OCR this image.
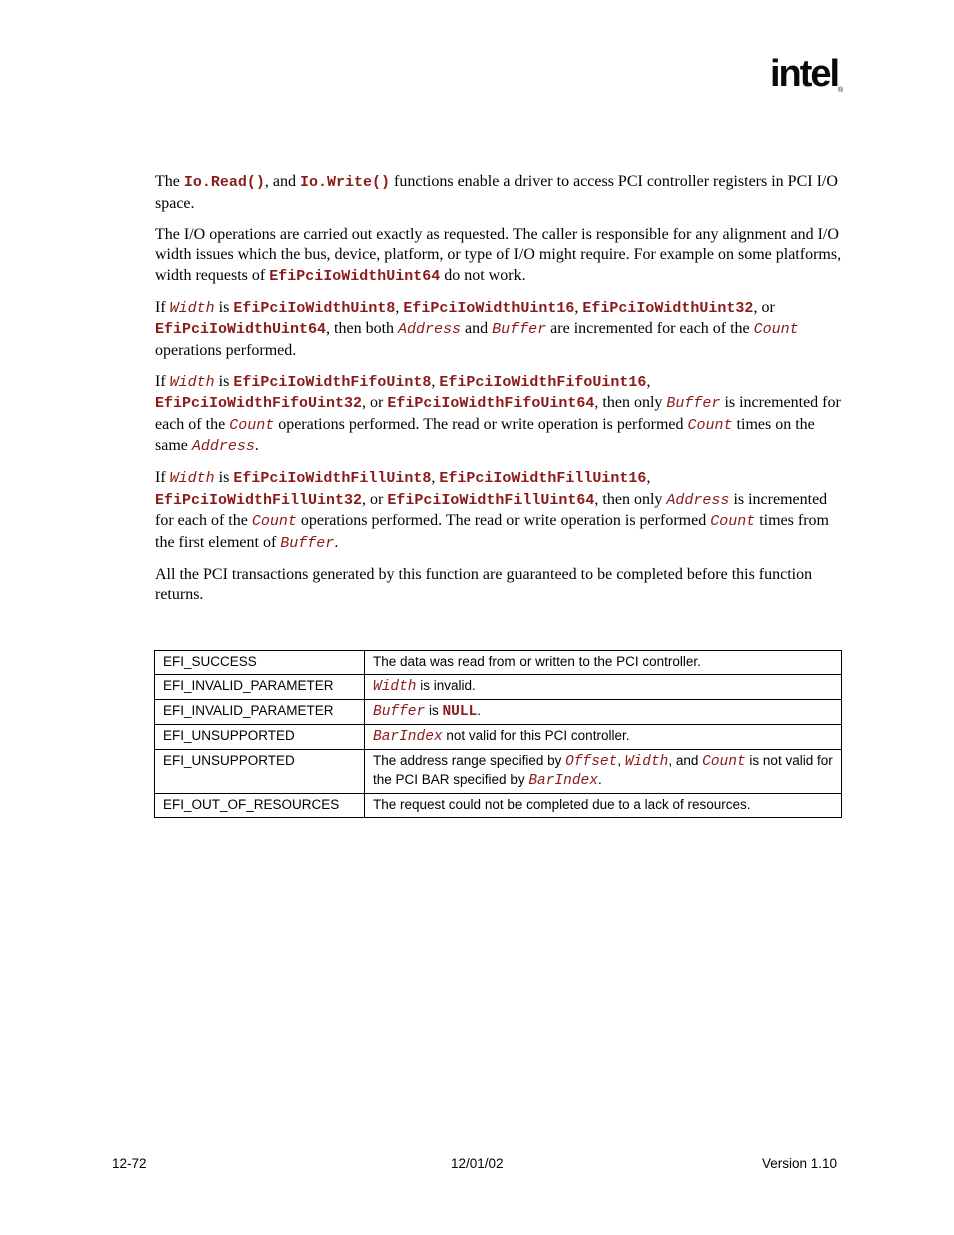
intel ®

The Io.Read(), and Io.Write() functions enable a driver to access PCI controller registers in PCI I/O space.

The I/O operations are carried out exactly as requested. The caller is responsible for any alignment and I/O width issues which the bus, device, platform, or type of I/O might require. For example on some platforms, width requests of EfiPciIoWidthUint64 do not work.

If Width is EfiPciIoWidthUint8, EfiPciIoWidthUint16, EfiPciIoWidthUint32, or EfiPciIoWidthUint64, then both Address and Buffer are incremented for each of the Count operations performed.

If Width is EfiPciIoWidthFifoUint8, EfiPciIoWidthFifoUint16, EfiPciIoWidthFifoUint32, or EfiPciIoWidthFifoUint64, then only Buffer is incremented for each of the Count operations performed. The read or write operation is performed Count times on the same Address.

If Width is EfiPciIoWidthFillUint8, EfiPciIoWidthFillUint16, EfiPciIoWidthFillUint32, or EfiPciIoWidthFillUint64, then only Address is incremented for each of the Count operations performed. The read or write operation is performed Count times from the first element of Buffer.

All the PCI transactions generated by this function are guaranteed to be completed before this function returns.

EFI_SUCCESS	The data was read from or written to the PCI controller.
EFI_INVALID_PARAMETER	Width is invalid.
EFI_INVALID_PARAMETER	Buffer is NULL.
EFI_UNSUPPORTED	BarIndex not valid for this PCI controller.
EFI_UNSUPPORTED	The address range specified by Offset, Width, and Count is not valid for the PCI BAR specified by BarIndex.
EFI_OUT_OF_RESOURCES	The request could not be completed due to a lack of resources.
12-72	12/01/02	Version 1.10
